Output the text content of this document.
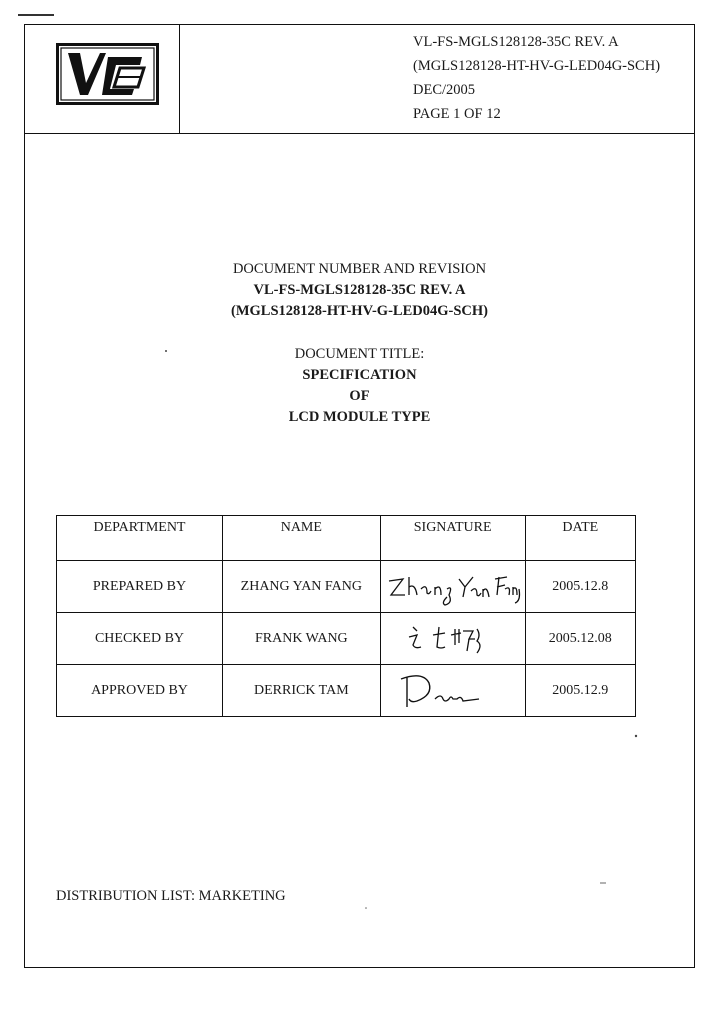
VL-FS-MGLS128128-35C REV. A
(MGLS128128-HT-HV-G-LED04G-SCH)
DEC/2005
PAGE 1 OF 12
DOCUMENT NUMBER AND REVISION
VL-FS-MGLS128128-35C REV. A
(MGLS128128-HT-HV-G-LED04G-SCH)
DOCUMENT TITLE:
SPECIFICATION
OF
LCD MODULE TYPE
DEPARTMENT	NAME	SIGNATURE	DATE
PREPARED BY	ZHANG YAN FANG		2005.12.8
CHECKED BY	FRANK WANG		2005.12.08
APPROVED BY	DERRICK TAM		2005.12.9
DISTRIBUTION LIST: MARKETING
